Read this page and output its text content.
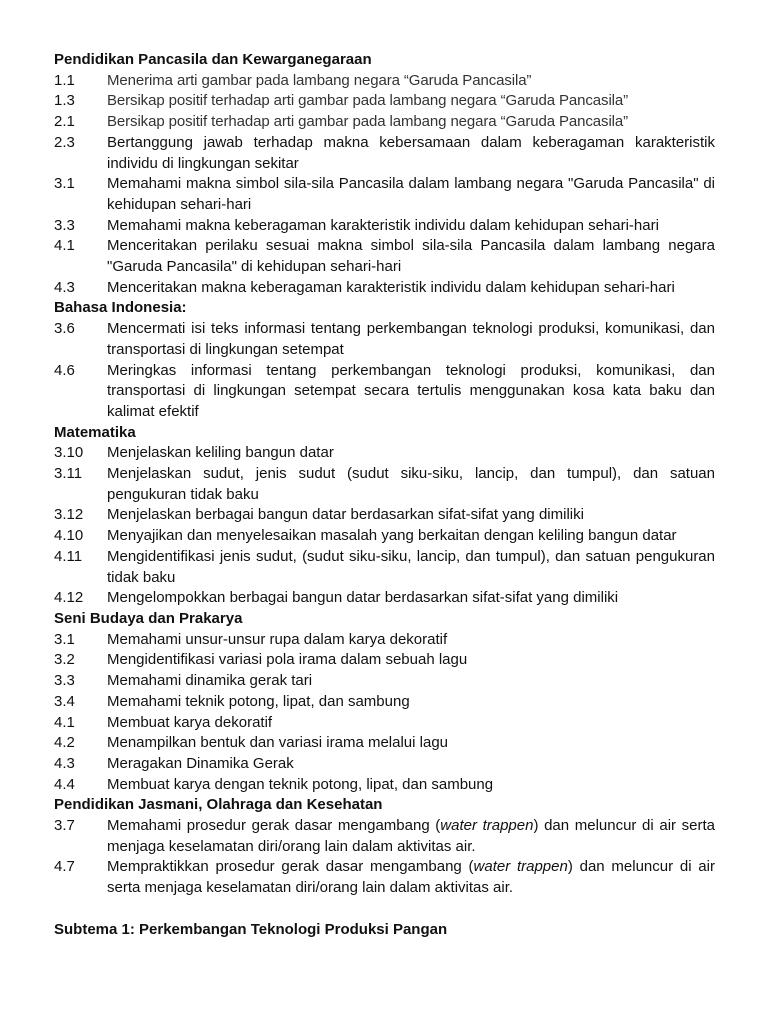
Pendidikan Pancasila dan Kewarganegaraan
1.1	Menerima arti gambar pada lambang negara “Garuda Pancasila”
1.3	Bersikap positif terhadap arti gambar pada lambang negara “Garuda Pancasila”
2.1	Bersikap positif terhadap arti gambar pada lambang negara “Garuda Pancasila”
2.3	Bertanggung jawab terhadap makna kebersamaan dalam keberagaman karakteristik individu di lingkungan sekitar
3.1	Memahami makna simbol sila-sila Pancasila dalam lambang negara "Garuda Pancasila" di kehidupan sehari-hari
3.3	Memahami makna keberagaman karakteristik individu dalam kehidupan sehari-hari
4.1	Menceritakan perilaku sesuai makna simbol sila-sila Pancasila dalam lambang negara "Garuda Pancasila" di kehidupan sehari-hari
4.3 Menceritakan makna keberagaman karakteristik individu dalam kehidupan sehari-hari
Bahasa Indonesia:
3.6	Mencermati isi teks informasi tentang perkembangan teknologi produksi, komunikasi, dan transportasi di lingkungan setempat
4.6	Meringkas informasi tentang perkembangan teknologi produksi, komunikasi, dan transportasi di lingkungan setempat secara tertulis menggunakan kosa kata baku dan kalimat efektif
Matematika
3.10	Menjelaskan keliling bangun datar
3.11	Menjelaskan sudut, jenis sudut (sudut siku-siku, lancip, dan tumpul), dan satuan pengukuran tidak baku
3.12	Menjelaskan berbagai bangun datar berdasarkan sifat-sifat yang dimiliki
4.10 Menyajikan dan menyelesaikan masalah yang berkaitan dengan keliling bangun datar
4.11	Mengidentifikasi jenis sudut, (sudut siku-siku, lancip, dan tumpul), dan satuan pengukuran tidak baku
4.12	Mengelompokkan berbagai bangun datar berdasarkan sifat-sifat yang dimiliki
Seni Budaya dan Prakarya
3.1	Memahami unsur-unsur rupa dalam karya dekoratif
3.2	Mengidentifikasi variasi pola irama dalam sebuah lagu
3.3	Memahami dinamika gerak tari
3.4	Memahami teknik potong, lipat, dan sambung
4.1	Membuat karya dekoratif
4.2	Menampilkan bentuk dan variasi irama melalui lagu
4.3	Meragakan Dinamika Gerak
4.4	Membuat karya dengan teknik potong, lipat, dan sambung
Pendidikan Jasmani, Olahraga dan Kesehatan
3.7	Memahami prosedur gerak dasar mengambang (water trappen) dan meluncur di air serta menjaga keselamatan diri/orang lain dalam aktivitas air.
4.7	Mempraktikkan prosedur gerak dasar mengambang (water trappen) dan meluncur di air serta menjaga keselamatan diri/orang lain dalam aktivitas air.
Subtema 1: Perkembangan Teknologi Produksi Pangan
